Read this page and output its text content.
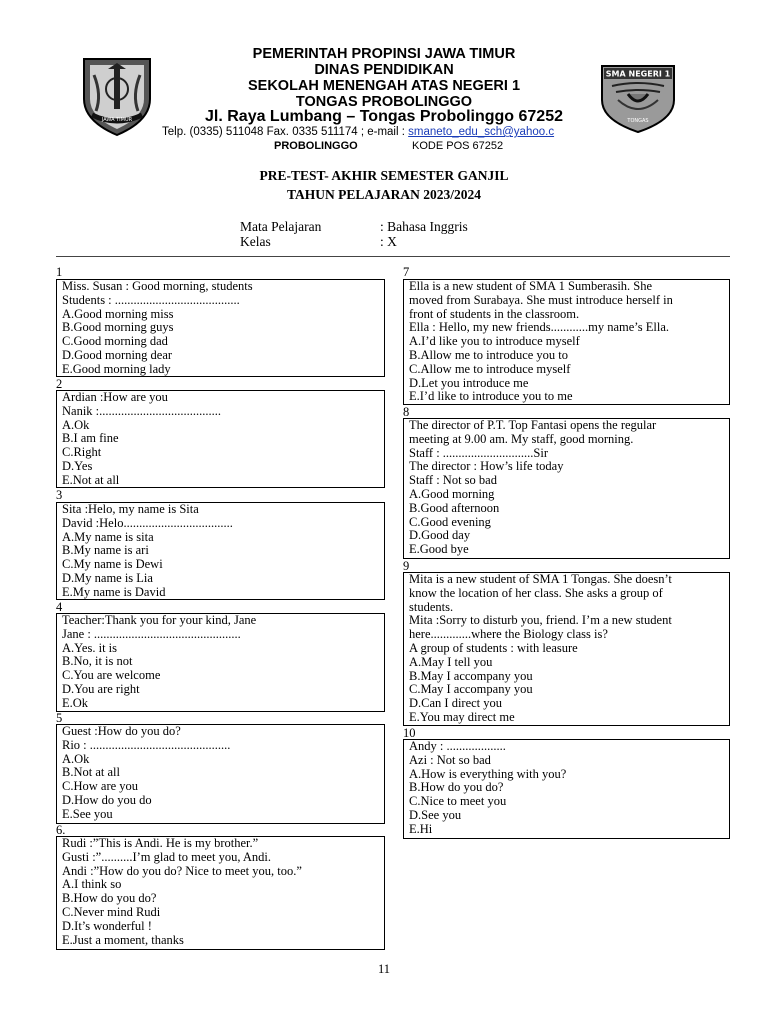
JAWA TIMUR
SMA NEGERI 1
TONGAS
PEMERINTAH PROPINSI JAWA TIMUR
DINAS PENDIDIKAN
SEKOLAH MENENGAH ATAS NEGERI 1
TONGAS PROBOLINGGO
Jl. Raya Lumbang – Tongas Probolinggo 67252
Telp. (0335) 511048 Fax. 0335 511174 ; e-mail : smaneto_edu_sch@yahoo.c
PROBOLINGGO	KODE POS 67252
PRE-TEST- AKHIR SEMESTER GANJIL
TAHUN PELAJARAN 2023/2024
Mata Pelajaran	: Bahasa Inggris
Kelas	: X
1
Miss. Susan : Good morning, students
Students : ........................................
A.Good morning miss
B.Good morning guys
C.Good morning dad
D.Good morning dear
E.Good morning lady
2
Ardian :How are you
Nanik :.......................................
A.Ok
B.I am fine
C.Right
D.Yes
E.Not at all
3
Sita :Helo, my name is Sita
David :Helo...................................
A.My name is sita
B.My name is ari
C.My name is Dewi
D.My name is Lia
E.My name is David
4
Teacher:Thank you for your kind, Jane
Jane : ...............................................
A.Yes. it is
B.No, it is not
C.You are welcome
D.You are right
E.Ok
5
Guest :How do you do?
Rio : .............................................
A.Ok
B.Not at all
C.How are you
D.How do you do
E.See you
6.
Rudi :”This is Andi. He is my brother.”
Gusti :”..........I’m glad to meet you, Andi.
Andi :”How do you do? Nice to meet you, too.”
A.I think so
B.How do you do?
C.Never mind Rudi
D.It’s wonderful !
E.Just a moment, thanks
7
Ella is a new student of SMA 1 Sumberasih. She
moved from Surabaya. She must introduce herself in
front of students in the classroom.
Ella : Hello, my new friends............my name’s Ella.
A.I’d like you to introduce myself
B.Allow me to introduce you to
C.Allow me to introduce myself
D.Let you introduce me
E.I’d like to introduce you to me
8
The director of P.T. Top Fantasi opens the regular
meeting at 9.00 am. My staff, good morning.
Staff : .............................Sir
The director : How’s life today
Staff : Not so bad
A.Good morning
B.Good afternoon
C.Good evening
D.Good day
E.Good bye
9
Mita is a new student of SMA 1 Tongas. She doesn’t
know the location of her class. She asks a group of
students.
Mita :Sorry to disturb you, friend. I’m a new student
here.............where the Biology class is?
A group of students : with leasure
A.May I tell you
B.May I accompany you
C.May I accompany you
D.Can I direct you
E.You may direct me
10
Andy : ...................
Azi : Not so bad
A.How is everything with you?
B.How do you do?
C.Nice to meet you
D.See you
E.Hi
11
